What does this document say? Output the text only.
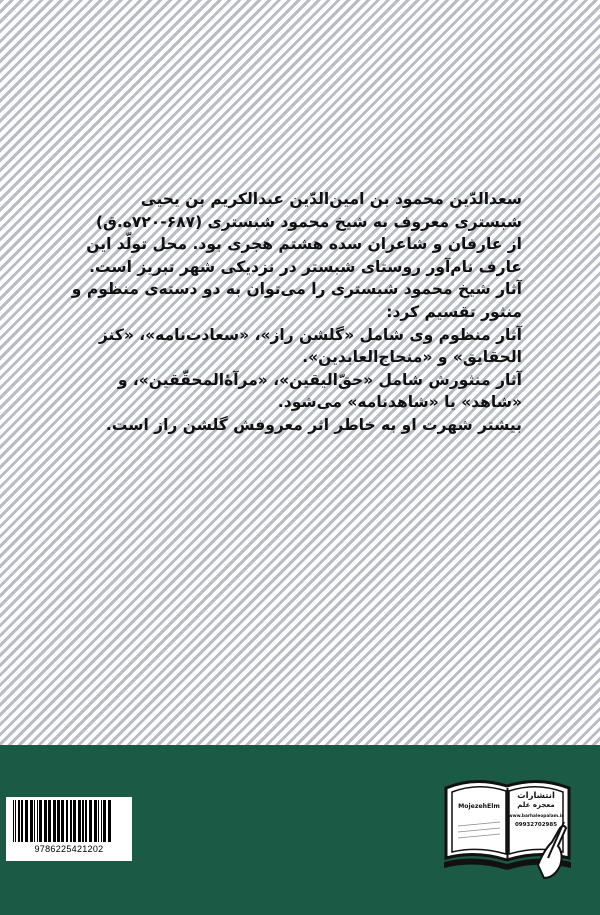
سعدالدّین محمود بن امین‌الدّین عبدالکریم بن یحیی

شبستری معروف به شیخ محمود شبستری (۶۸۷-۷۲۰ه.ق)

از عارفان و شاعران سده هشتم هجری بود. محل تولّد این

عارف نام‌آور روستای شبستر در نزدیکی شهر تبریز است.

آثار شیخ محمود شبستری را می‌توان به دو دسته‌ی منظوم و

منثور تقسیم کرد:

آثار منظوم وی شامل «گلشن راز»، «سعادت‌نامه»، «کنز

الحقایق» و «منحاج‌العابدین».

آثار منثورش شامل «حقّ‌الیقین»، «مرآۀالمحقّقین»، و

«شاهد» یا «شاهدنامه» می‌شود.

بیشتر شهرت او به خاطر اثر معروفش گلشن راز است.

9786225421202
انتشارات
معجزه علم
MojezehElm
www.barhaleopalam.ir
09932702985
